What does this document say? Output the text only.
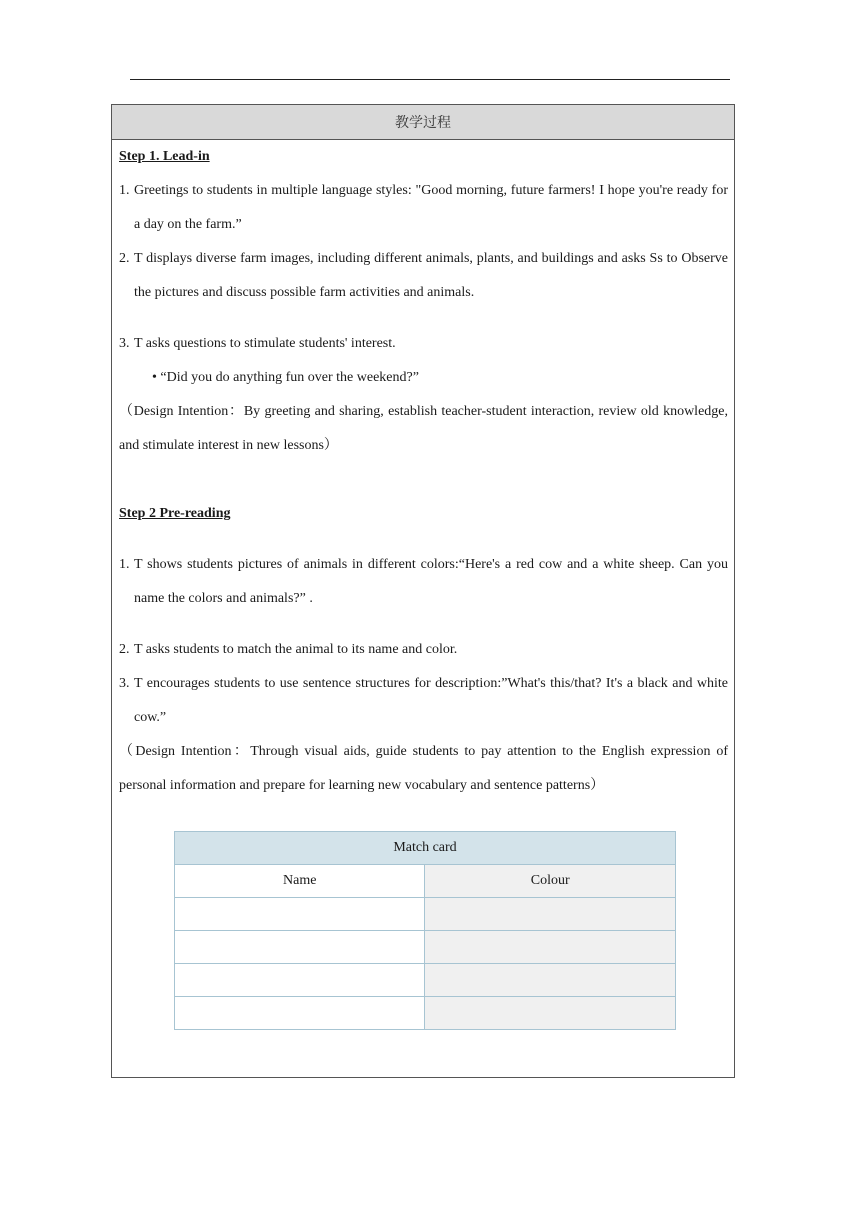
教学过程
Step 1. Lead-in
1. Greetings to students in multiple language styles: "Good morning, future farmers! I hope you're ready for a day on the farm.”
2. T displays diverse farm images, including different animals, plants, and buildings and asks Ss to Observe the pictures and discuss possible farm activities and animals.
3. T asks questions to stimulate students' interest.
• “Did you do anything fun over the weekend?”
（Design Intention：By greeting and sharing, establish teacher-student interaction, review old knowledge, and stimulate interest in new lessons）
Step 2 Pre-reading
1. T shows students pictures of animals in different colors:“Here's a red cow and a white sheep. Can you name the colors and animals?” .
2. T asks students to match the animal to its name and color.
3. T encourages students to use sentence structures for description:”What's this/that? It's a black and white cow.”
（Design Intention：Through visual aids, guide students to pay attention to the English expression of personal information and prepare for learning new vocabulary and sentence patterns）
Match card	
Name	Colour
